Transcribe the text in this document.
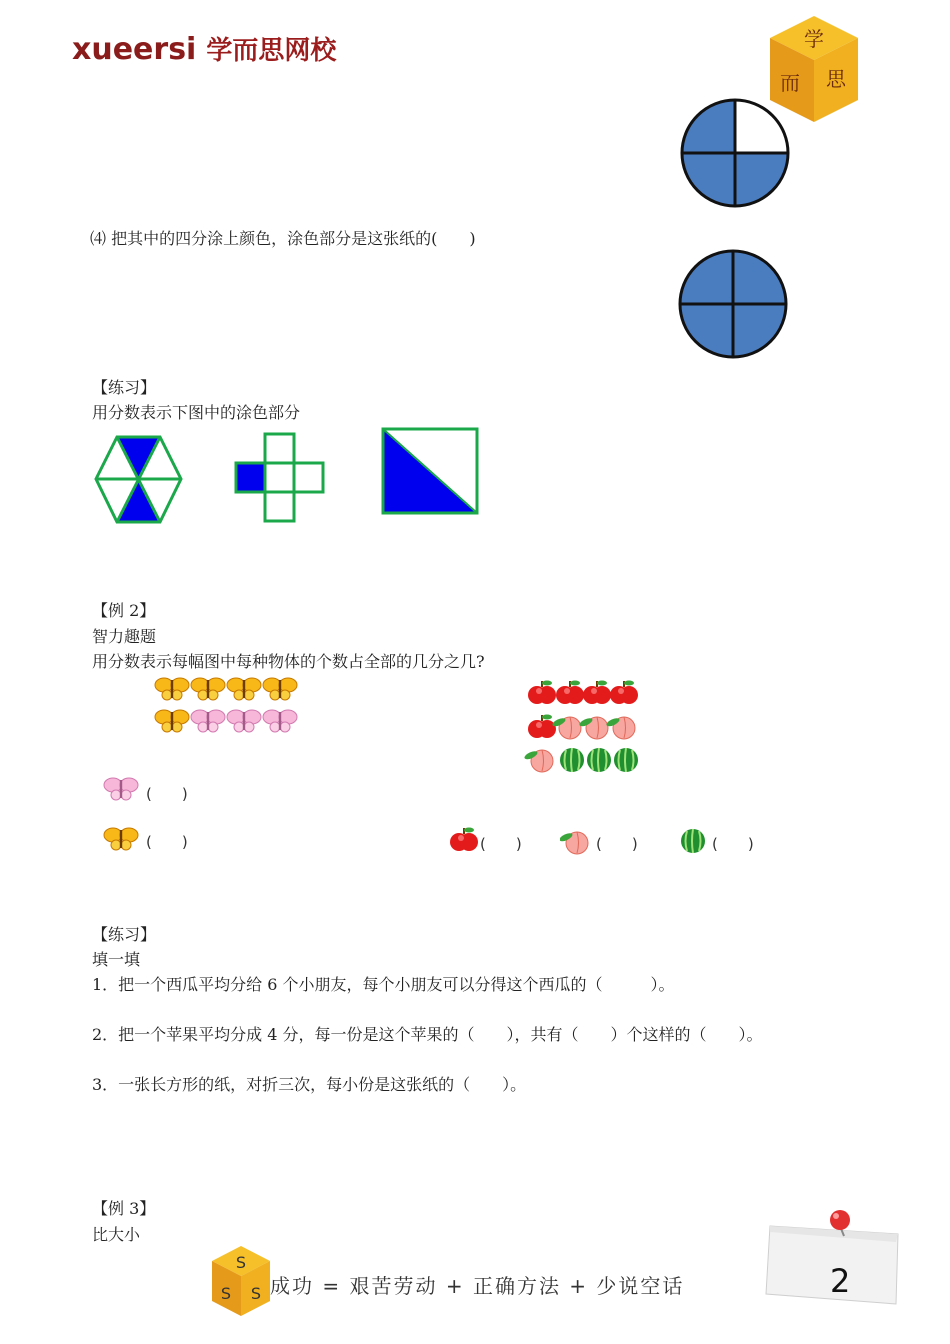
xueersi 学而思网校	学
而 思
⑷ 把其中的四分涂上颜色，涂色部分是这张纸的(　　)
【练习】
用分数表示下图中的涂色部分
【例 2】
智力趣题
用分数表示每幅图中每种物体的个数占全部的几分之几?
(　　)
(　　)	(　　)	(　　)	(　　)
【练习】
填一填
1．把一个西瓜平均分给 6 个小朋友，每个小朋友可以分得这个西瓜的（　　　）。
2．把一个苹果平均分成 4 分，每一份是这个苹果的（　　），共有（　　）个这样的（　　）。
3．一张长方形的纸，对折三次，每小份是这张纸的（　　）。
【例 3】
比大小
S
S S 成功 = 艰苦劳动 + 正确方法 + 少说空话	2
